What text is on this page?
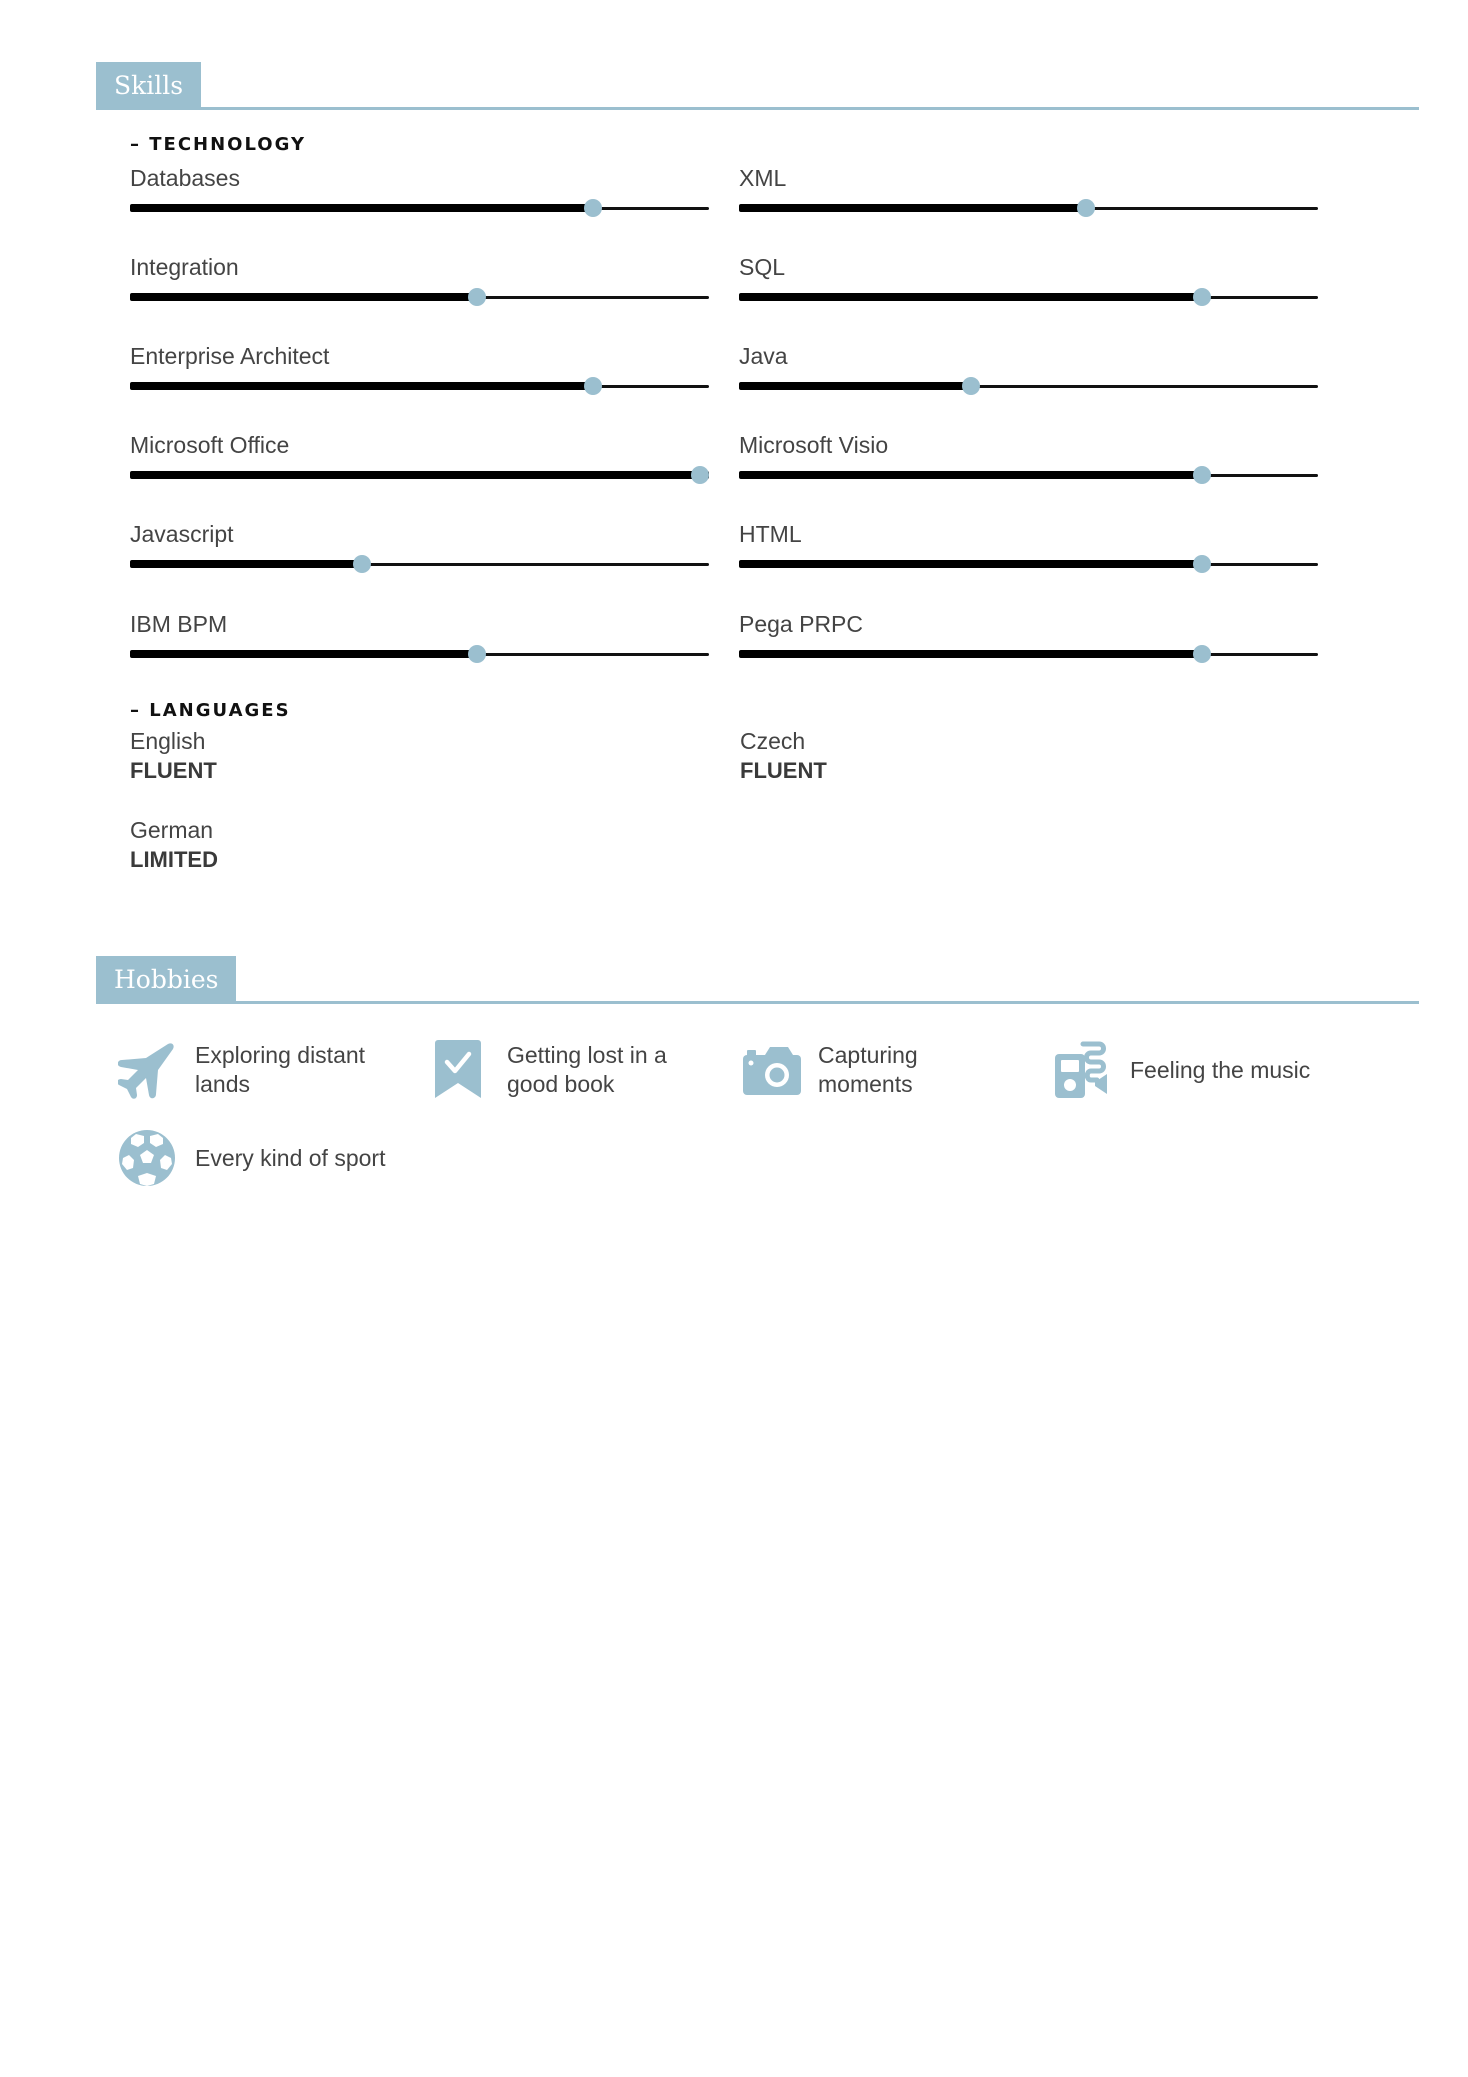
Skills
– TECHNOLOGY
Databases
Integration
Enterprise Architect
Microsoft Office
Javascript
IBM BPM
XML
SQL
Java
Microsoft Visio
HTML
Pega PRPC
– LANGUAGES
English
FLUENT
Czech
FLUENT
German
LIMITED
Hobbies
Exploring distant
lands
Getting lost in a
good book
Capturing
moments
Feeling the music
Every kind of sport
